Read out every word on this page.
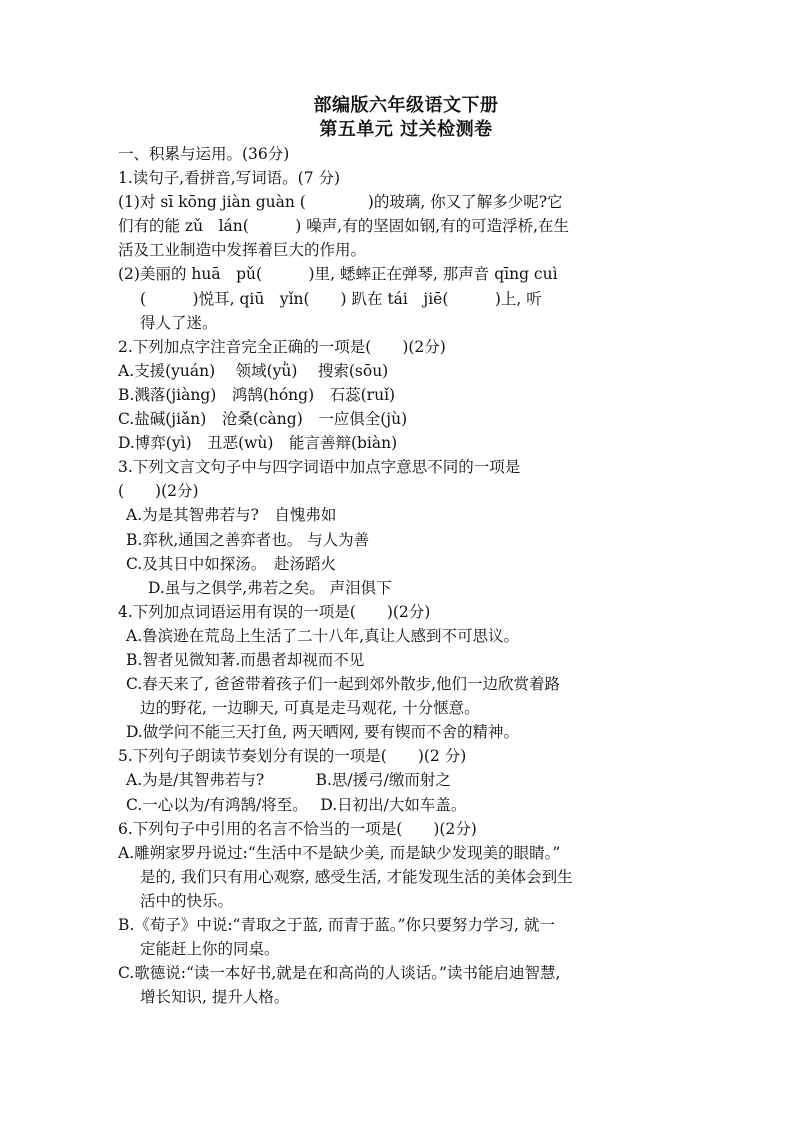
部编版六年级语文下册
第五单元 过关检测卷
一、积累与运用。(36分)
1.读句子,看拼音,写词语。(7 分)
(1)对 sī kōng jiàn guàn (　　　　)的玻璃, 你又了解多少呢?它
们有的能 zǔ　lán(　　　) 噪声,有的坚固如钢,有的可造浮桥,在生
活及工业制造中发挥着巨大的作用。
(2)美丽的 huā　pǔ(　　　)里, 蟋蟀正在弹琴, 那声音 qīng cuì
(　　　)悦耳, qiū　yǐn(　　) 趴在 tái　jiē(　　　)上, 听
得人了迷。
2.下列加点字注音完全正确的一项是(　　)(2分)
A.支援(yuán)　 领域(yǜ)　 搜索(sōu)
B.溅落(jiàng)　鸿鹄(hóng)　石蕊(ruǐ)
C.盐碱(jiǎn)　沧桑(càng)　一应俱全(jù)
D.博弈(yì)　丑恶(wù)　能言善辩(biàn)
3.下列文言文句子中与四字词语中加点字意思不同的一项是
(　　)(2分)
A.为是其智弗若与?　自愧弗如
B.弈秋,通国之善弈者也。 与人为善
C.及其日中如探汤。　赴汤蹈火
D.虽与之俱学,弗若之矣。 声泪俱下
4.下列加点词语运用有误的一项是(　　)(2分)
A.鲁滨逊在荒岛上生活了二十八年,真让人感到不可思议。
B.智者见微知著.而愚者却视而不见
C.春天来了, 爸爸带着孩子们一起到郊外散步,他们一边欣赏着路
边的野花, 一边聊天, 可真是走马观花, 十分惬意。
D.做学问不能三天打鱼, 两天晒网, 要有锲而不舍的精神。
5.下列句子朗读节奏划分有误的一项是(　　)(2 分)
A.为是/其智弗若与?　　　 B.思/援弓/缴而射之
C.一心以为/有鸿鹄/将至。　 D.日初出/大如车盖。
6.下列句子中引用的名言不恰当的一项是(　　)(2分)
A.雕朔家罗丹说过:“生活中不是缺少美, 而是缺少发现美的眼睛。”
是的, 我们只有用心观察, 感受生活, 才能发现生活的美体会到生
活中的快乐。
B.《荀子》中说:“青取之于蓝, 而青于蓝。”你只要努力学习, 就一
定能赶上你的同桌。
C.歌德说:“读一本好书,就是在和高尚的人谈话。”读书能启迪智慧,
增长知识, 提升人格。
